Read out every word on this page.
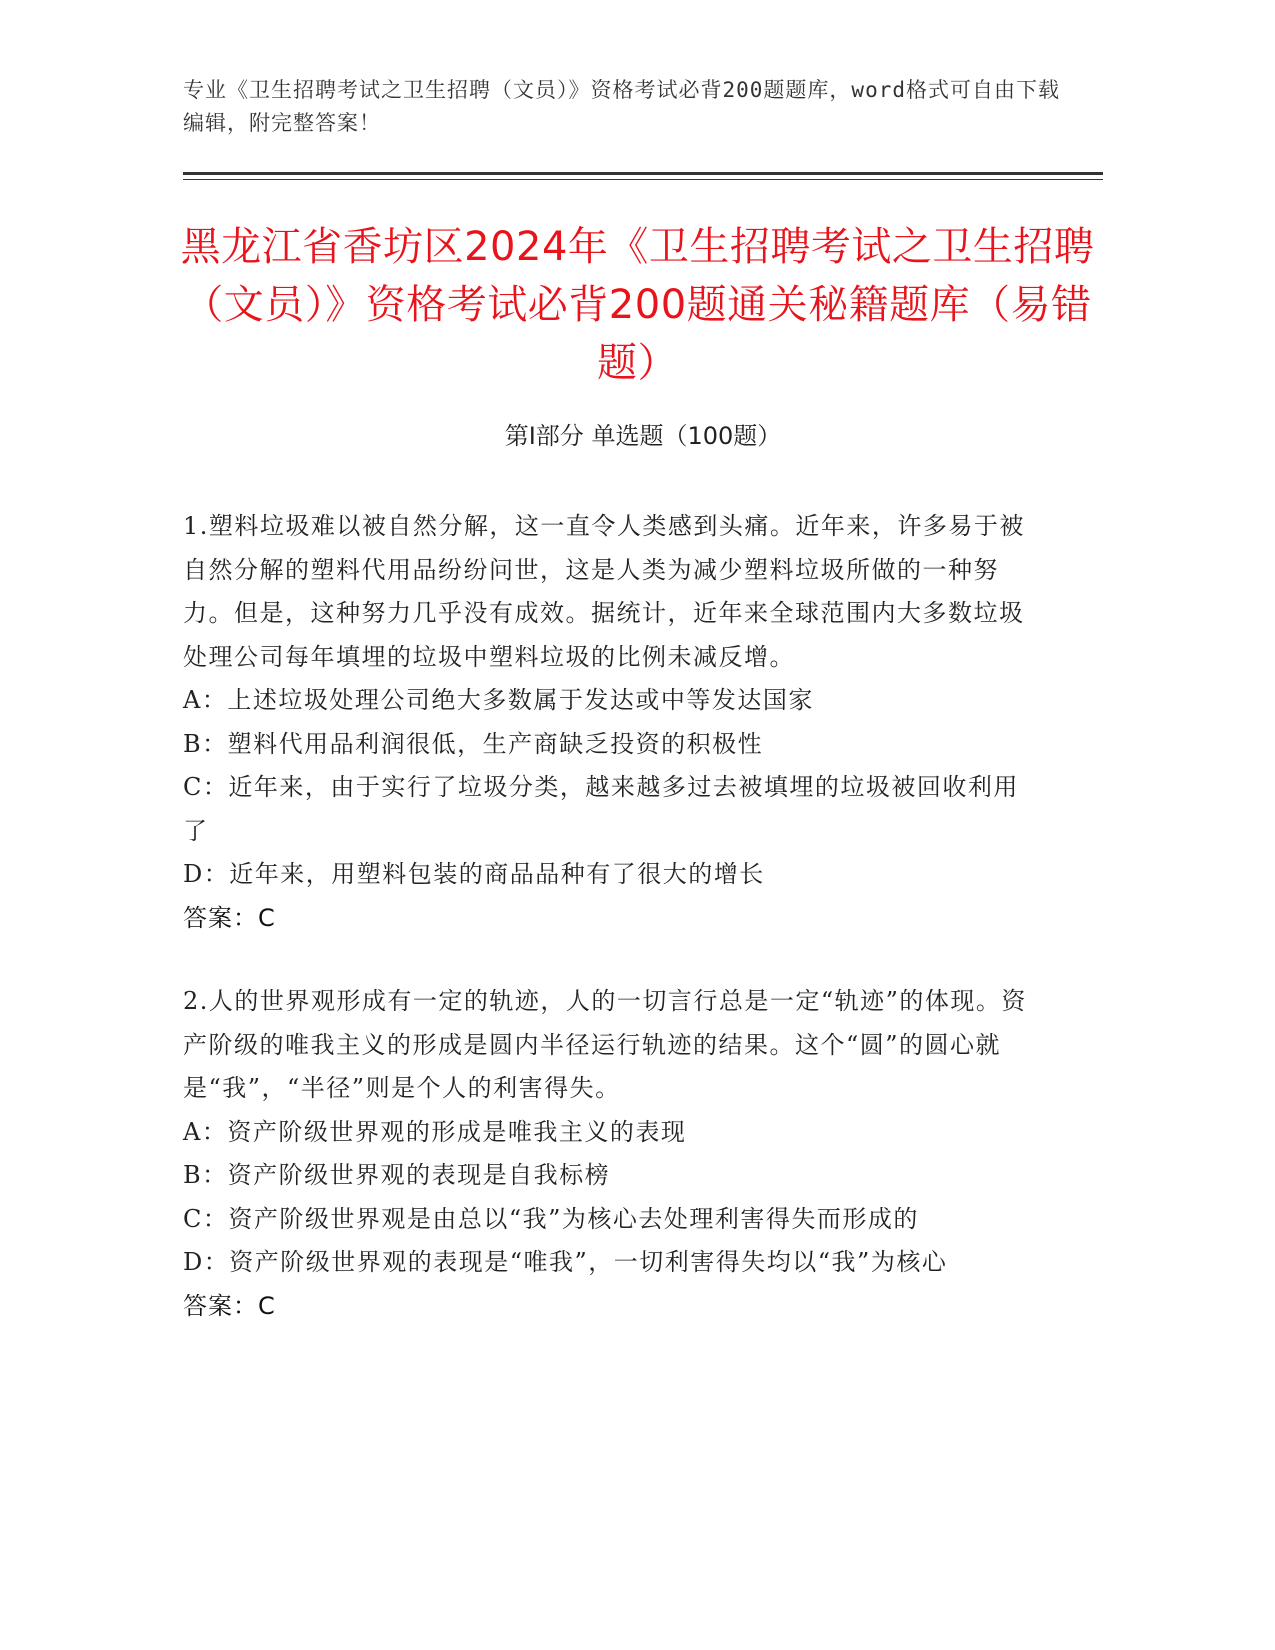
专业《卫生招聘考试之卫生招聘（文员）》资格考试必背200题题库，word格式可自由下载编辑，附完整答案！

黑龙江省香坊区2024年《卫生招聘考试之卫生招聘（文员）》资格考试必背200题通关秘籍题库（易错题）
第Ⅰ部分 单选题（100题）

1.塑料垃圾难以被自然分解，这一直令人类感到头痛。近年来，许多易于被自然分解的塑料代用品纷纷问世，这是人类为减少塑料垃圾所做的一种努力。但是，这种努力几乎没有成效。据统计，近年来全球范围内大多数垃圾处理公司每年填埋的垃圾中塑料垃圾的比例未减反增。

A：上述垃圾处理公司绝大多数属于发达或中等发达国家

B：塑料代用品利润很低，生产商缺乏投资的积极性

C：近年来，由于实行了垃圾分类，越来越多过去被填埋的垃圾被回收利用了

D：近年来，用塑料包装的商品品种有了很大的增长

答案：C

2.人的世界观形成有一定的轨迹，人的一切言行总是一定“轨迹”的体现。资产阶级的唯我主义的形成是圆内半径运行轨迹的结果。这个“圆”的圆心就是“我”，“半径”则是个人的利害得失。

A：资产阶级世界观的形成是唯我主义的表现

B：资产阶级世界观的表现是自我标榜

C：资产阶级世界观是由总以“我”为核心去处理利害得失而形成的

D：资产阶级世界观的表现是“唯我”，一切利害得失均以“我”为核心

答案：C
